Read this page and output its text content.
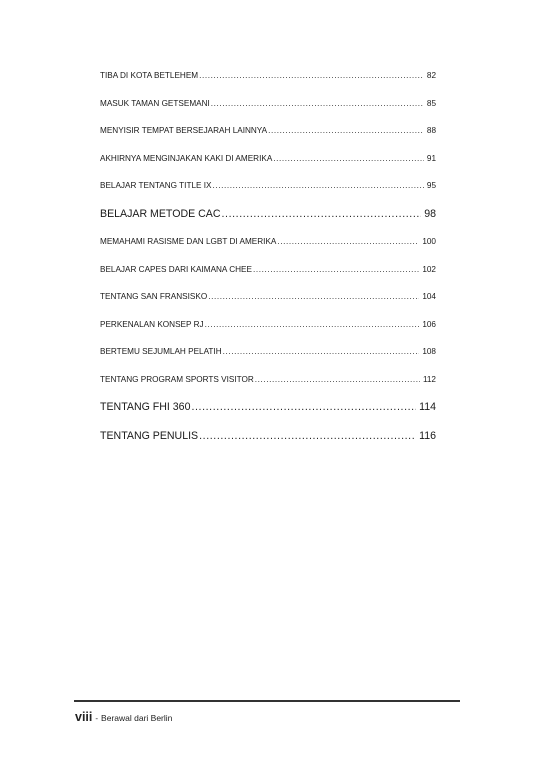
TIBA DI KOTA BETLEHEM .....	82
MASUK TAMAN GETSEMANI .....	85
MENYISIR TEMPAT BERSEJARAH LAINNYA .....	88
AKHIRNYA MENGINJAKAN KAKI DI AMERIKA .....	91
BELAJAR TENTANG TITLE IX .....	95
BELAJAR METODE CAC .....	98
MEMAHAMI RASISME DAN LGBT DI AMERIKA .....	100
BELAJAR CAPES DARI KAIMANA CHEE .....	102
TENTANG SAN FRANSISKO .....	104
PERKENALAN KONSEP RJ .....	106
BERTEMU SEJUMLAH PELATIH .....	108
TENTANG PROGRAM SPORTS VISITOR .....	112
TENTANG FHI 360 .....	114
TENTANG PENULIS .....	116
viii - Berawal dari Berlin
